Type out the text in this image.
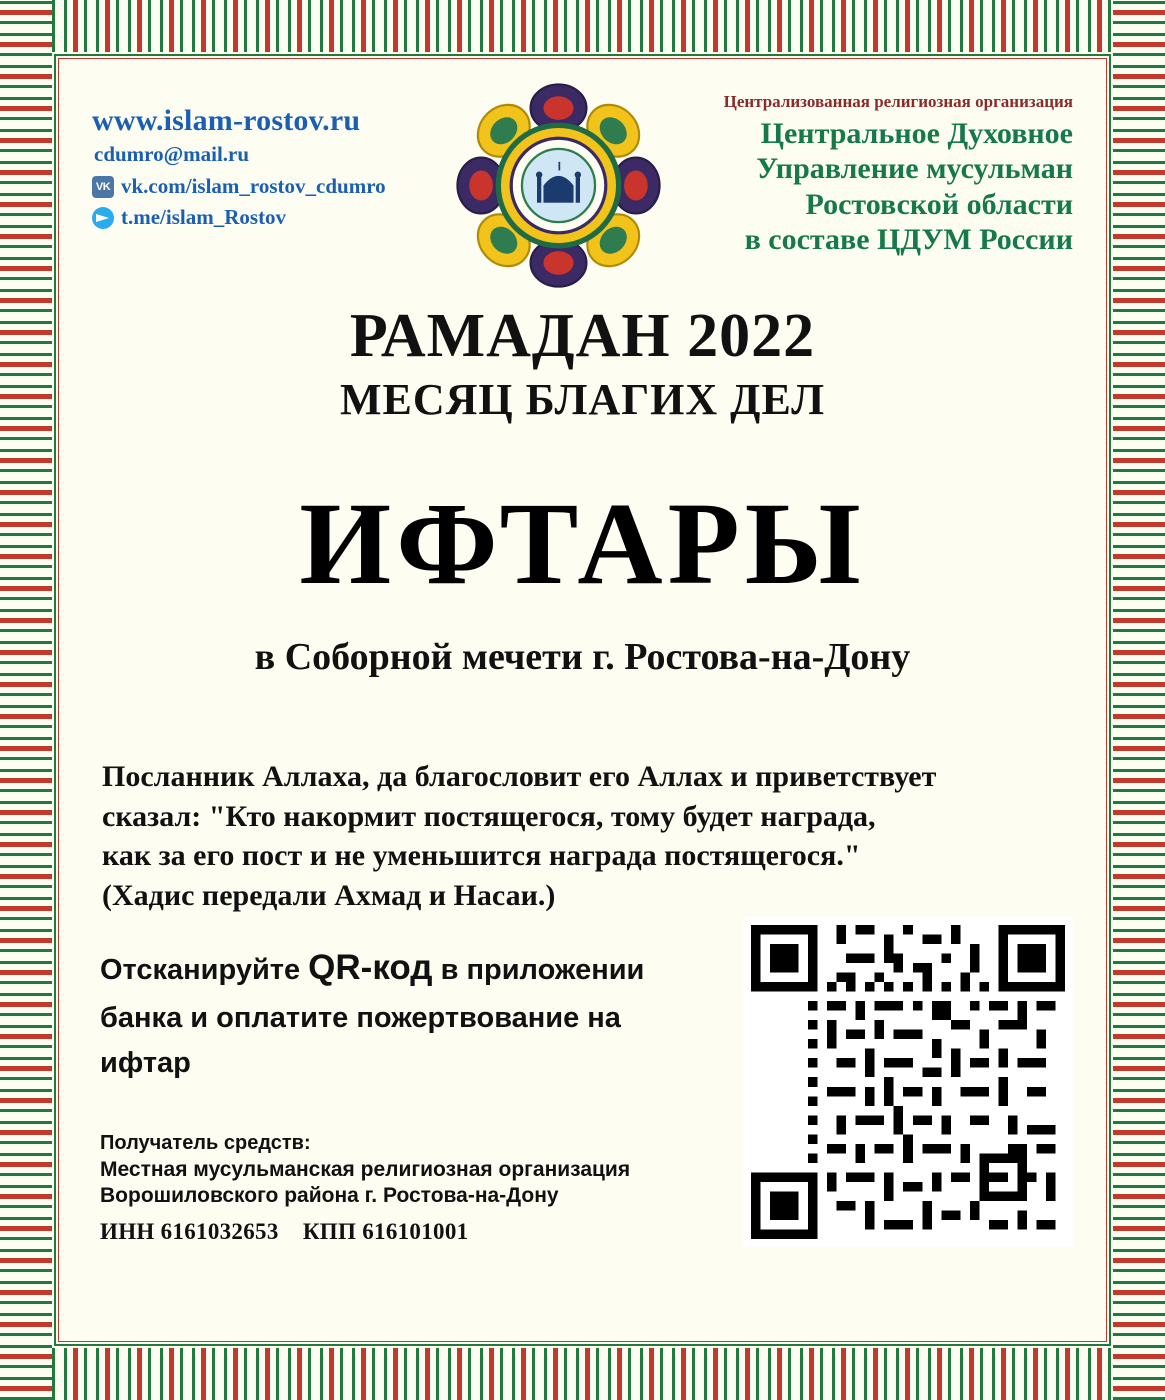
www.islam-rostov.ru
cdumro@mail.ru
VK vk.com/islam_rostov_cdumro
t.me/islam_Rostov
Централизованная религиозная организация
Центральное Духовное
Управление мусульман
Ростовской области
в составе ЦДУМ России
РАМАДАН 2022
МЕСЯЦ БЛАГИХ ДЕЛ
ИФТАРЫ
в Соборной мечети г. Ростова-на-Дону
Посланник Аллаха, да благословит его Аллах и приветствует
сказал: "Кто накормит постящегося, тому будет награда,
как за его пост и не уменьшится награда постящегося."
(Хадис передали Ахмад и Насаи.)
Отсканируйте QR-код в приложении банка и оплатите пожертвование на ифтар
Получатель средств:
Местная мусульманская религиозная организация
Ворошиловского района г. Ростова-на-Дону
ИНН 6161032653 КПП 616101001
